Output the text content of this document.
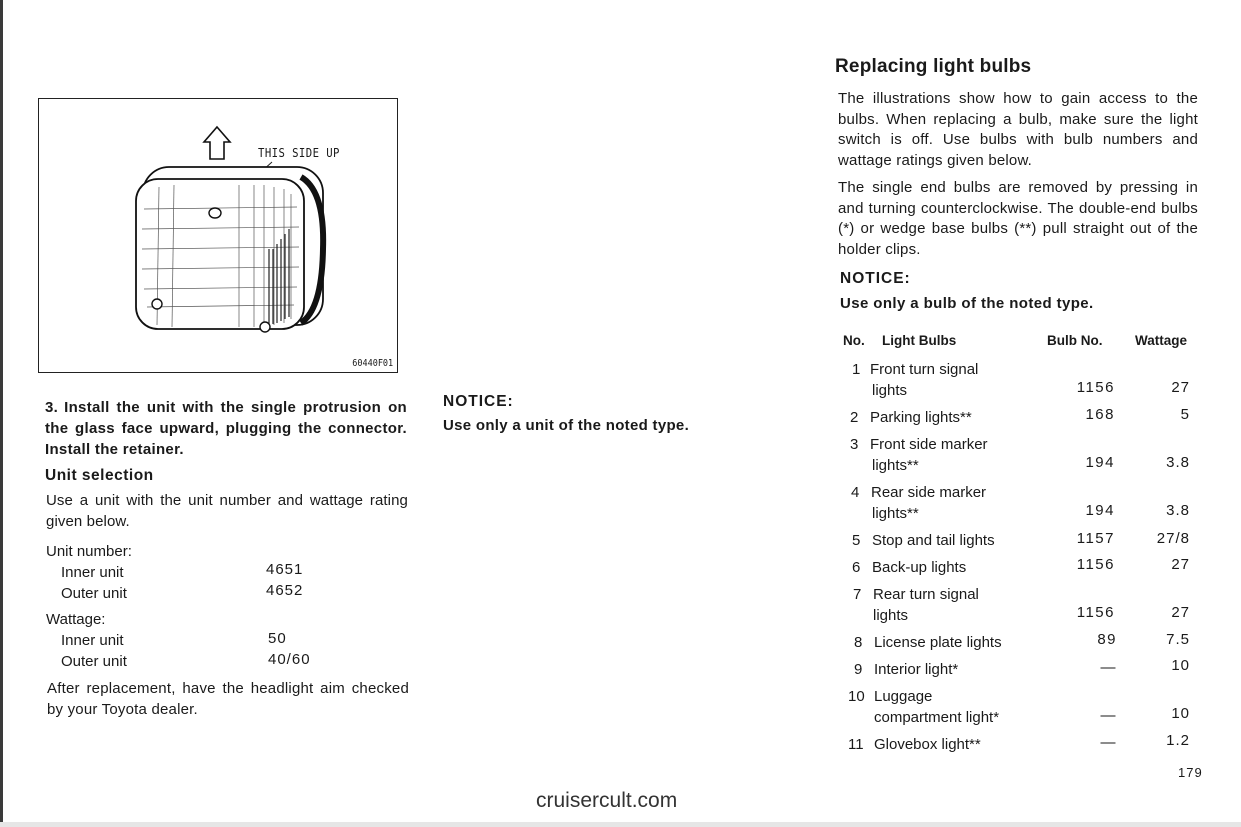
THIS SIDE UP
60440F01
3. Install the unit with the single protrusion on the glass face upward, plugging the connector. Install the retainer.
Unit selection
Use a unit with the unit number and wattage rating given below.
Unit number:
Inner unit	4651
Outer unit	4652
Wattage:
Inner unit	50
Outer unit	40/60
After replacement, have the headlight aim checked by your Toyota dealer.
NOTICE:
Use only a unit of the noted type.
Replacing light bulbs
The illustrations show how to gain access to the bulbs. When replacing a bulb, make sure the light switch is off. Use bulbs with bulb numbers and wattage ratings given below.
The single end bulbs are removed by pressing in and turning counterclockwise. The double-end bulbs (*) or wedge base bulbs (**) pull straight out of the holder clips.
NOTICE:
Use only a bulb of the noted type.
No. Light Bulbs	Bulb No. Wattage
1 Front turn signal
lights	1156	27
2 Parking lights**	168	5
3 Front side marker
lights**	194	3.8
4 Rear side marker
lights**	194	3.8
5 Stop and tail lights	1157	27/8
6 Back-up lights	1156	27
7 Rear turn signal
lights	1156	27
8 License plate lights	89	7.5
9 Interior light*	—	10
10 Luggage
compartment light*	—	10
11 Glovebox light**	—	1.2
179
cruisercult.com
